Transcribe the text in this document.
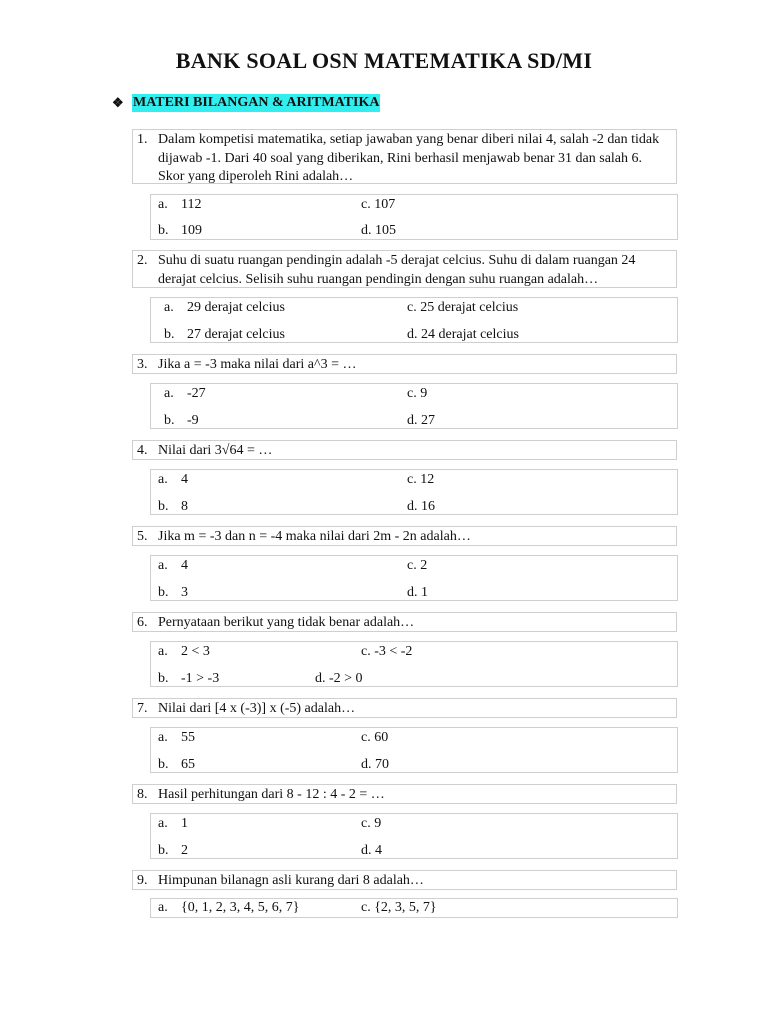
BANK SOAL OSN MATEMATIKA SD/MI
❖ MATERI BILANGAN & ARITMATIKA
1. Dalam kompetisi matematika, setiap jawaban yang benar diberi nilai 4, salah -2 dan tidak dijawab -1. Dari 40 soal yang diberikan, Rini berhasil menjawab benar 31 dan salah 6. Skor yang diperoleh Rini adalah…
a. 112	c. 107
b. 109	d. 105
2. Suhu di suatu ruangan pendingin adalah -5 derajat celcius. Suhu di dalam ruangan 24 derajat celcius. Selisih suhu ruangan pendingin dengan suhu ruangan adalah…
a. 29 derajat celcius	c. 25 derajat celcius
b. 27 derajat celcius	d. 24 derajat celcius
3. Jika a = -3 maka nilai dari a^3 = …
a. -27	c. 9
b. -9	d. 27
4. Nilai dari 3√64 = …
a. 4	c. 12
b. 8	d. 16
5. Jika m = -3 dan n = -4 maka nilai dari 2m - 2n adalah…
a. 4	c. 2
b. 3	d. 1
6. Pernyataan berikut yang tidak benar adalah…
a. 2 < 3	c. -3 < -2
b. -1 > -3	d. -2 > 0
7. Nilai dari [4 x (-3)] x (-5) adalah…
a. 55	c. 60
b. 65	d. 70
8. Hasil perhitungan dari 8 - 12 : 4 - 2 = …
a. 1	c. 9
b. 2	d. 4
9. Himpunan bilanagn asli kurang dari 8 adalah…
a. {0, 1, 2, 3, 4, 5, 6, 7}	c. {2, 3, 5, 7}
